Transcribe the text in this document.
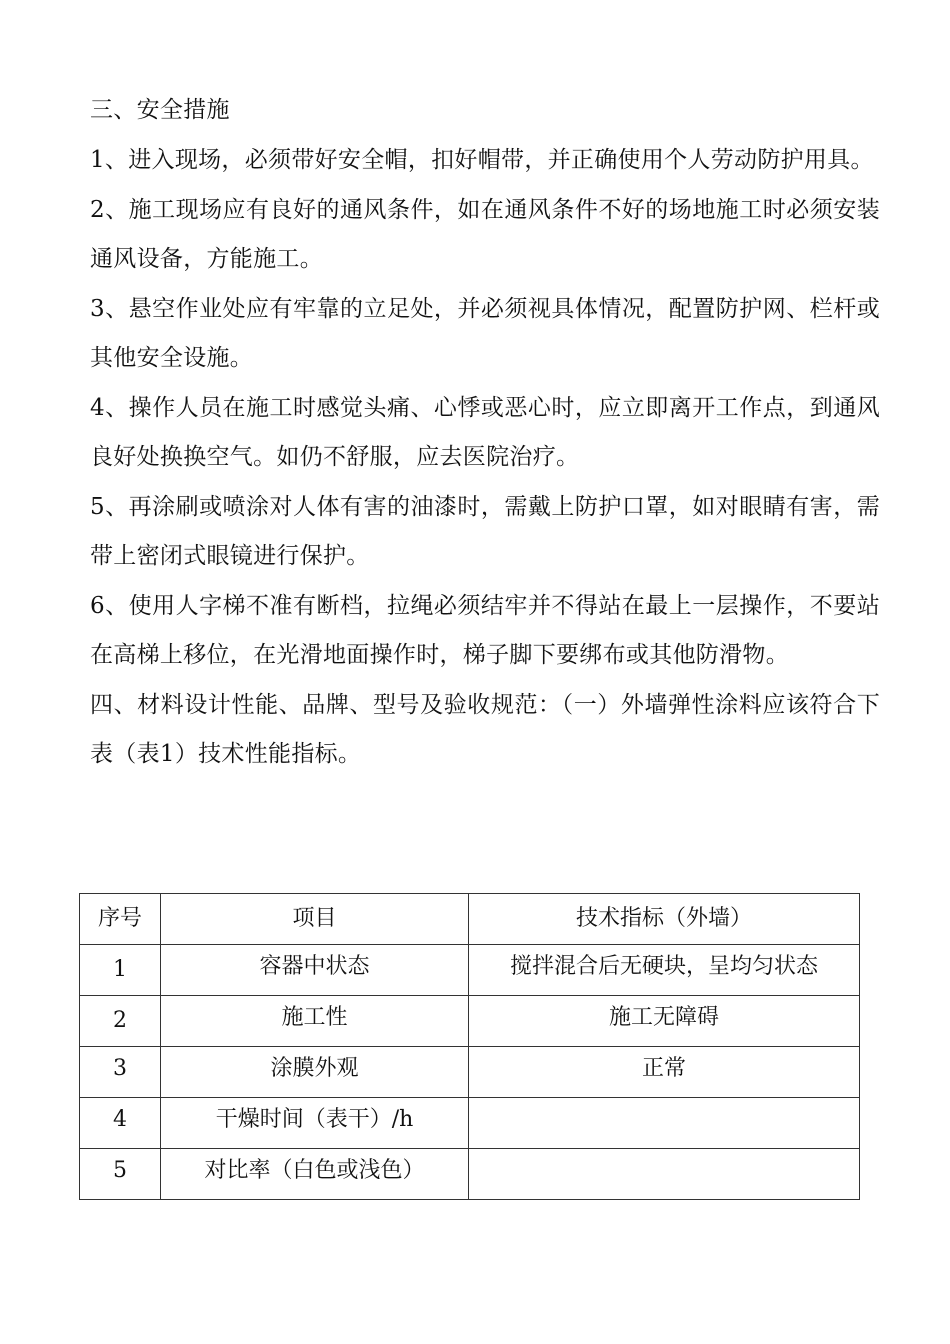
三、安全措施

1、进入现场，必须带好安全帽，扣好帽带，并正确使用个人劳动防护用具。

2、施工现场应有良好的通风条件，如在通风条件不好的场地施工时必须安装通风设备，方能施工。

3、悬空作业处应有牢靠的立足处，并必须视具体情况，配置防护网、栏杆或其他安全设施。

4、操作人员在施工时感觉头痛、心悸或恶心时，应立即离开工作点，到通风良好处换换空气。如仍不舒服，应去医院治疗。

5、再涂刷或喷涂对人体有害的油漆时，需戴上防护口罩，如对眼睛有害，需带上密闭式眼镜进行保护。

6、使用人字梯不准有断档，拉绳必须结牢并不得站在最上一层操作，不要站在高梯上移位，在光滑地面操作时，梯子脚下要绑布或其他防滑物。

四、材料设计性能、品牌、型号及验收规范：（一）外墙弹性涂料应该符合下表（表1）技术性能指标。

序号	项目	技术指标（外墙）
1	容器中状态	搅拌混合后无硬块，呈均匀状态
2	施工性	施工无障碍
3	涂膜外观	正常
4	干燥时间（表干）/h	
5	对比率（白色或浅色）	
